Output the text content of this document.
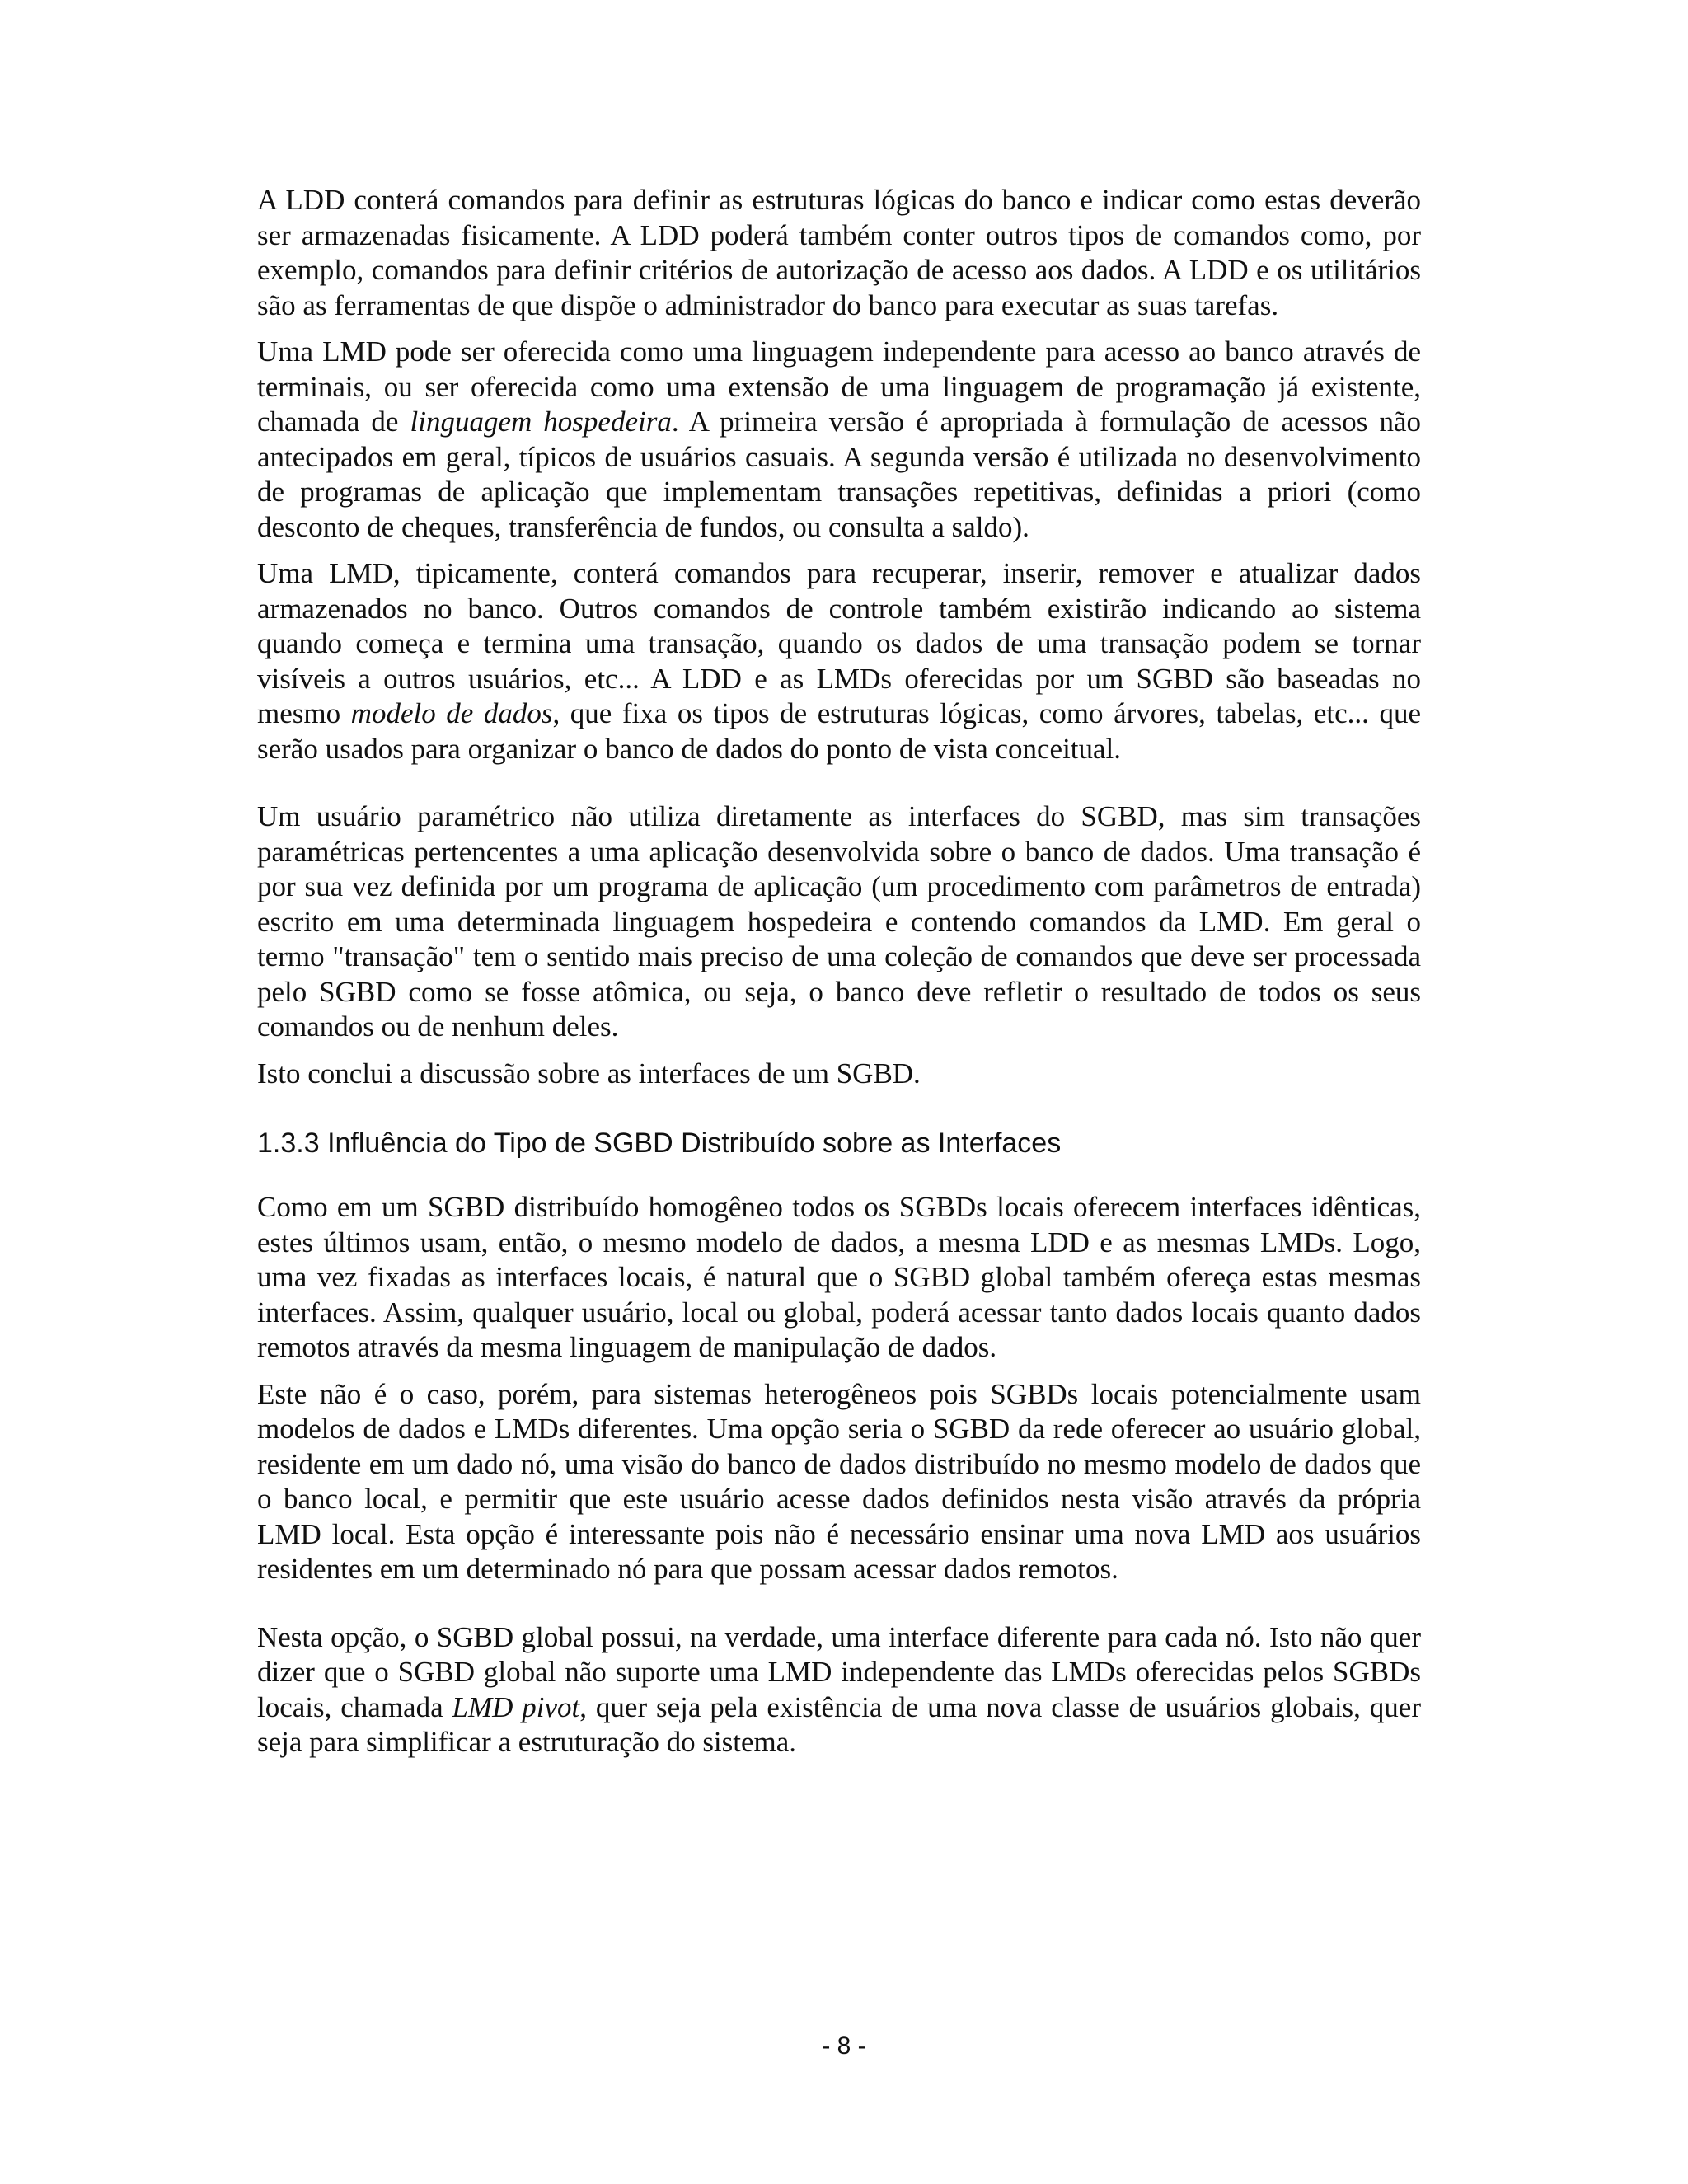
A LDD conterá comandos para definir as estruturas lógicas do banco e indicar como estas deverão ser armazenadas fisicamente. A LDD poderá também conter outros tipos de comandos como, por exemplo, comandos para definir critérios de autorização de acesso aos dados. A LDD e os utilitários são as ferramentas de que dispõe o administrador do banco para executar as suas tarefas.

Uma LMD pode ser oferecida como uma linguagem independente para acesso ao banco através de terminais, ou ser oferecida como uma extensão de uma linguagem de programação já existente, chamada de linguagem hospedeira. A primeira versão é apropriada à formulação de acessos não antecipados em geral, típicos de usuários casuais. A segunda versão é utilizada no desenvolvimento de programas de aplicação que implementam transações repetitivas, definidas a priori (como desconto de cheques, transferência de fundos, ou consulta a saldo).

Uma LMD, tipicamente, conterá comandos para recuperar, inserir, remover e atualizar dados armazenados no banco. Outros comandos de controle também existirão indicando ao sistema quando começa e termina uma transação, quando os dados de uma transação podem se tornar visíveis a outros usuários, etc... A LDD e as LMDs oferecidas por um SGBD são baseadas no mesmo modelo de dados, que fixa os tipos de estruturas lógicas, como árvores, tabelas, etc... que serão usados para organizar o banco de dados do ponto de vista conceitual.

Um usuário paramétrico não utiliza diretamente as interfaces do SGBD, mas sim transações paramétricas pertencentes a uma aplicação desenvolvida sobre o banco de dados. Uma transação é por sua vez definida por um programa de aplicação (um procedimento com parâmetros de entrada) escrito em uma determinada linguagem hospedeira e contendo comandos da LMD. Em geral o termo "transação" tem o sentido mais preciso de uma coleção de comandos que deve ser processada pelo SGBD como se fosse atômica, ou seja, o banco deve refletir o resultado de todos os seus comandos ou de nenhum deles.

Isto conclui a discussão sobre as interfaces de um SGBD.

1.3.3 Influência do Tipo de SGBD Distribuído sobre as Interfaces

Como em um SGBD distribuído homogêneo todos os SGBDs locais oferecem interfaces idênticas, estes últimos usam, então, o mesmo modelo de dados, a mesma LDD e as mesmas LMDs. Logo, uma vez fixadas as interfaces locais, é natural que o SGBD global também ofereça estas mesmas interfaces. Assim, qualquer usuário, local ou global, poderá acessar tanto dados locais quanto dados remotos através da mesma linguagem de manipulação de dados.

Este não é o caso, porém, para sistemas heterogêneos pois SGBDs locais potencialmente usam modelos de dados e LMDs diferentes. Uma opção seria o SGBD da rede oferecer ao usuário global, residente em um dado nó, uma visão do banco de dados distribuído no mesmo modelo de dados que o banco local, e permitir que este usuário acesse dados definidos nesta visão através da própria LMD local. Esta opção é interessante pois não é necessário ensinar uma nova LMD aos usuários residentes em um determinado nó para que possam acessar dados remotos.

Nesta opção, o SGBD global possui, na verdade, uma interface diferente para cada nó. Isto não quer dizer que o SGBD global não suporte uma LMD independente das LMDs oferecidas pelos SGBDs locais, chamada LMD pivot, quer seja pela existência de uma nova classe de usuários globais, quer seja para simplificar a estruturação do sistema.

- 8 -
